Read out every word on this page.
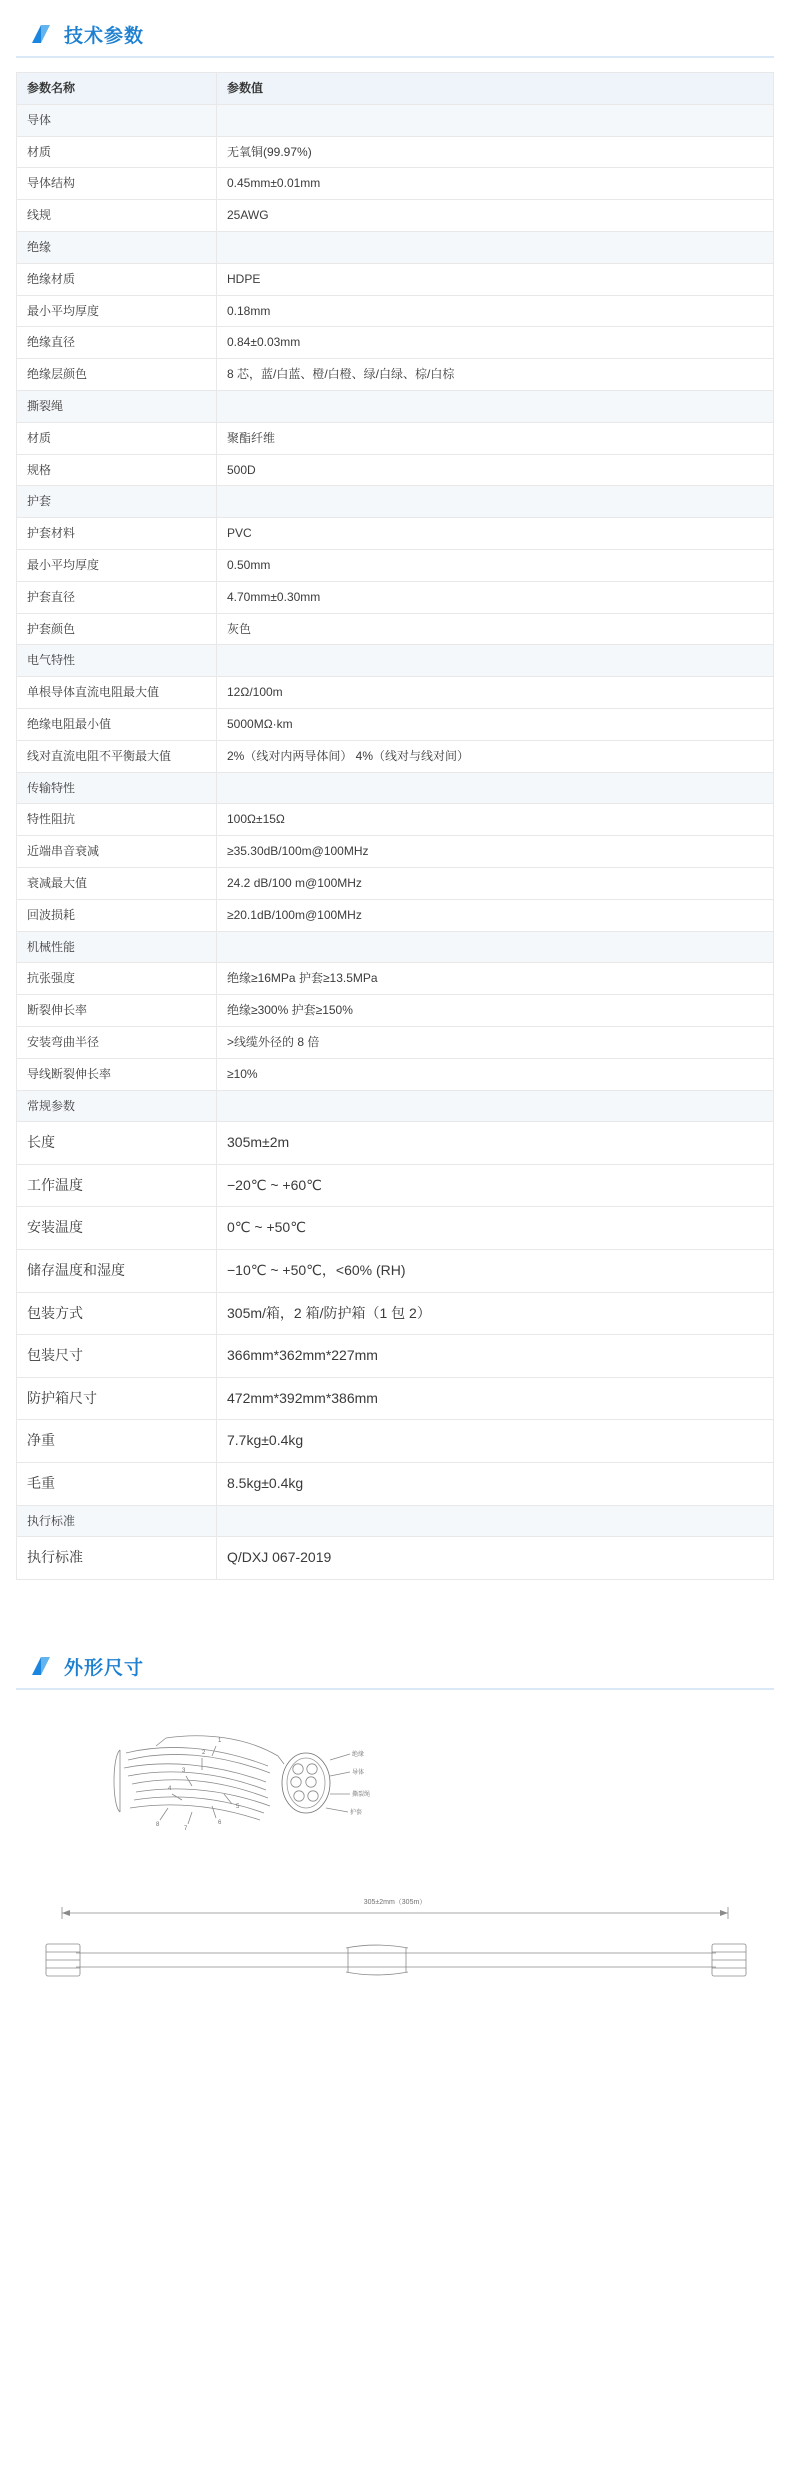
技术参数
参数名称	参数值
导体	
材质	无氧铜(99.97%)
导体结构	0.45mm±0.01mm
线规	25AWG
绝缘	
绝缘材质	HDPE
最小平均厚度	0.18mm
绝缘直径	0.84±0.03mm
绝缘层颜色	8 芯，蓝/白蓝、橙/白橙、绿/白绿、棕/白棕
撕裂绳	
材质	聚酯纤维
规格	500D
护套	
护套材料	PVC
最小平均厚度	0.50mm
护套直径	4.70mm±0.30mm
护套颜色	灰色
电气特性	
单根导体直流电阻最大值	12Ω/100m
绝缘电阻最小值	5000MΩ·km
线对直流电阻不平衡最大值	2%（线对内两导体间） 4%（线对与线对间）
传输特性	
特性阻抗	100Ω±15Ω
近端串音衰减	≥35.30dB/100m@100MHz
衰减最大值	24.2 dB/100 m@100MHz
回波损耗	≥20.1dB/100m@100MHz
机械性能	
抗张强度	绝缘≥16MPa 护套≥13.5MPa
断裂伸长率	绝缘≥300% 护套≥150%
安装弯曲半径	>线缆外径的 8 倍
导线断裂伸长率	≥10%
常规参数	
长度	305m±2m
工作温度	−20℃ ~ +60℃
安装温度	0℃ ~ +50℃
储存温度和湿度	−10℃ ~ +50℃，<60% (RH)
包装方式	305m/箱，2 箱/防护箱（1 包 2）
包装尺寸	366mm*362mm*227mm
防护箱尺寸	472mm*392mm*386mm
净重	7.7kg±0.4kg
毛重	8.5kg±0.4kg
执行标准	
执行标准	Q/DXJ 067-2019
外形尺寸
305±2mm（305m）
1
2
3
4
5
6
7
8
绝缘
导体
撕裂绳
护套
